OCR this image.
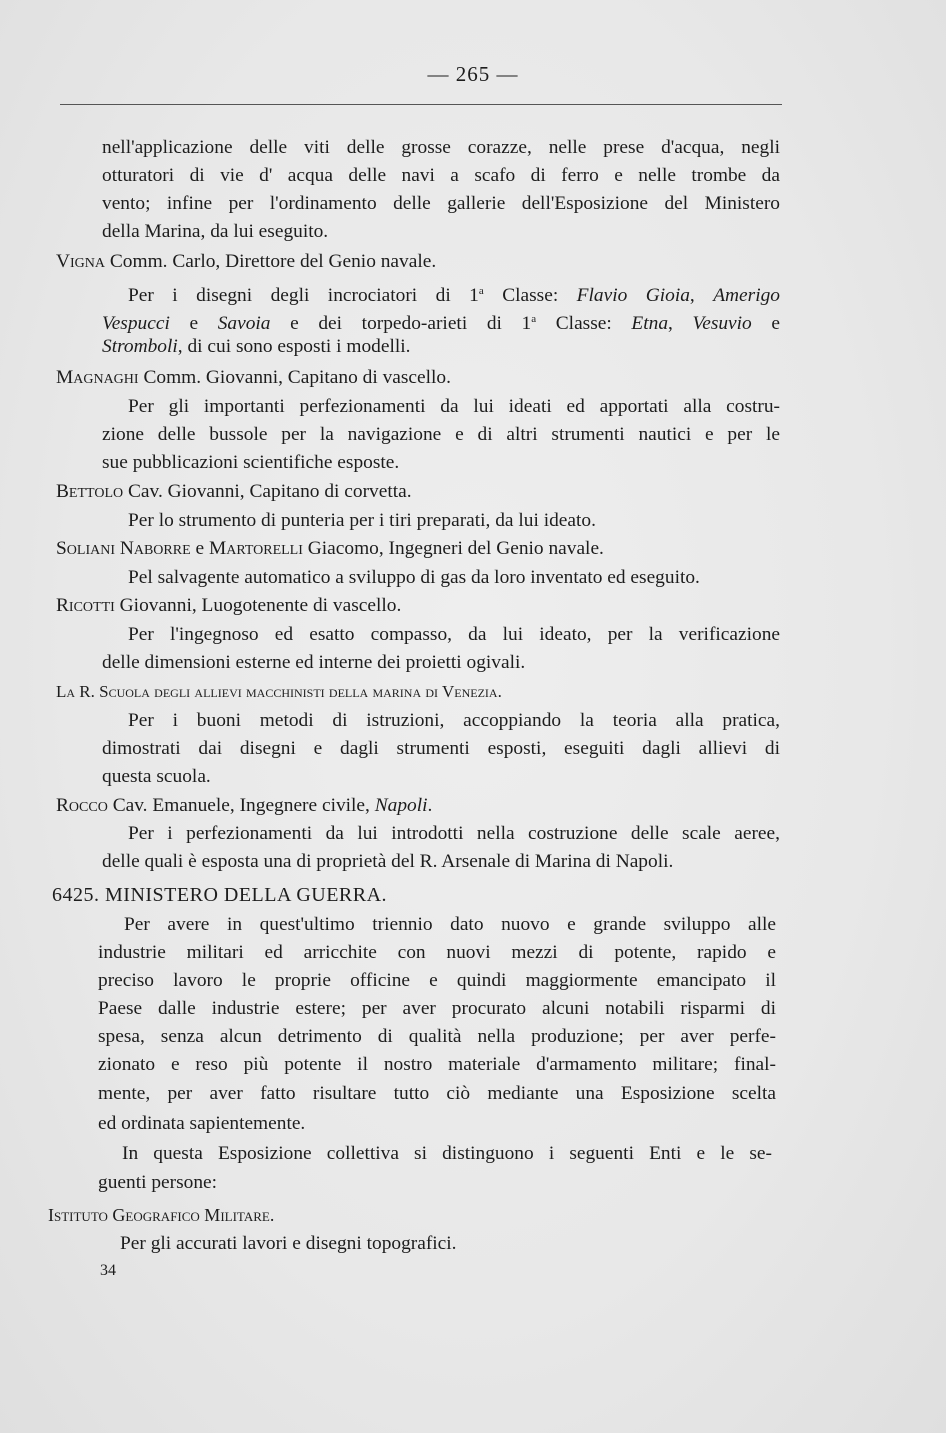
— 265 —
nell'applicazione delle viti delle grosse corazze, nelle prese d'acqua, negli
otturatori di vie d' acqua delle navi a scafo di ferro e nelle trombe da
vento; infine per l'ordinamento delle gallerie dell'Esposizione del Ministero
della Marina, da lui eseguito.
Vigna Comm. Carlo, Direttore del Genio navale.
Per i disegni degli incrociatori di 1$^a$ Classe: Flavio Gioia, Amerigo
Vespucci e Savoia e dei torpedo-arieti di 1$^a$ Classe: Etna, Vesuvio e
Stromboli, di cui sono esposti i modelli.
Magnaghi Comm. Giovanni, Capitano di vascello.
Per gli importanti perfezionamenti da lui ideati ed apportati alla costru-
zione delle bussole per la navigazione e di altri strumenti nautici e per le
sue pubblicazioni scientifiche esposte.
Bettolo Cav. Giovanni, Capitano di corvetta.
Per lo strumento di punteria per i tiri preparati, da lui ideato.
Soliani Naborre e Martorelli Giacomo, Ingegneri del Genio navale.
Pel salvagente automatico a sviluppo di gas da loro inventato ed eseguito.
Ricotti Giovanni, Luogotenente di vascello.
Per l'ingegnoso ed esatto compasso, da lui ideato, per la verificazione
delle dimensioni esterne ed interne dei proietti ogivali.
La R. Scuola degli allievi macchinisti della marina di Venezia.
Per i buoni metodi di istruzioni, accoppiando la teoria alla pratica,
dimostrati dai disegni e dagli strumenti esposti, eseguiti dagli allievi di
questa scuola.
Rocco Cav. Emanuele, Ingegnere civile, Napoli.
Per i perfezionamenti da lui introdotti nella costruzione delle scale aeree,
delle quali è esposta una di proprietà del R. Arsenale di Marina di Napoli.
6425. MINISTERO DELLA GUERRA.
Per avere in quest'ultimo triennio dato nuovo e grande sviluppo alle
industrie militari ed arricchite con nuovi mezzi di potente, rapido e
preciso lavoro le proprie officine e quindi maggiormente emancipato il
Paese dalle industrie estere; per aver procurato alcuni notabili risparmi di
spesa, senza alcun detrimento di qualità nella produzione; per aver perfe-
zionato e reso più potente il nostro materiale d'armamento militare; final-
mente, per aver fatto risultare tutto ciò mediante una Esposizione scelta
ed ordinata sapientemente.
In questa Esposizione collettiva si distinguono i seguenti Enti e le se-
guenti persone:
Istituto Geografico Militare.
Per gli accurati lavori e disegni topografici.
34
